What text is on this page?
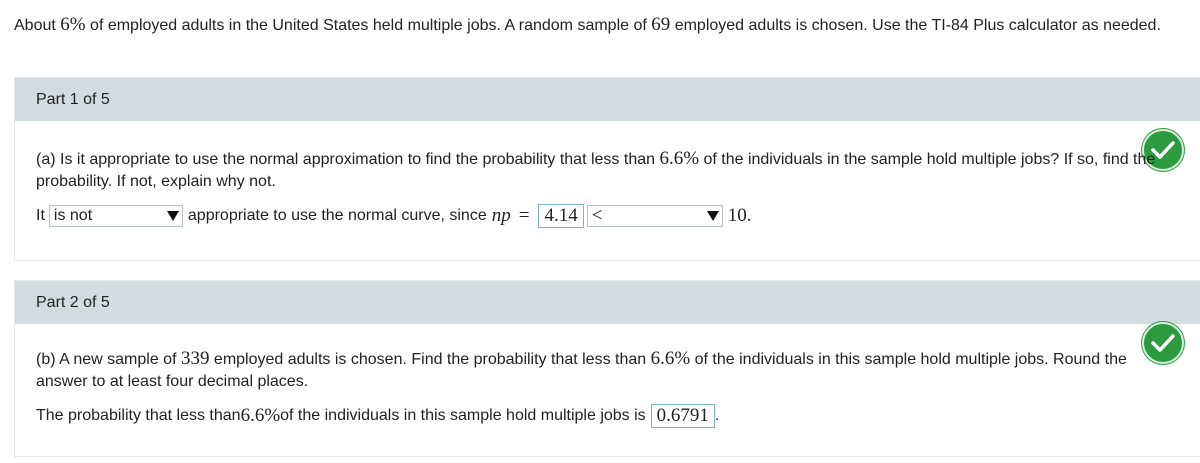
About 6% of employed adults in the United States held multiple jobs. A random sample of 69 employed adults is chosen. Use the TI-84 Plus calculator as needed.
Part 1 of 5
(a) Is it appropriate to use the normal approximation to find the probability that less than 6.6% of the individuals in the sample hold multiple jobs? If so, find the probability. If not, explain why not.
It is not	appropriate to use the normal curve, since np = 4.14 <	10.
Part 2 of 5
(b) A new sample of 339 employed adults is chosen. Find the probability that less than 6.6% of the individuals in this sample hold multiple jobs. Round the answer to at least four decimal places.
The probability that less than 6.6% of the individuals in this sample hold multiple jobs is 0.6791 .
